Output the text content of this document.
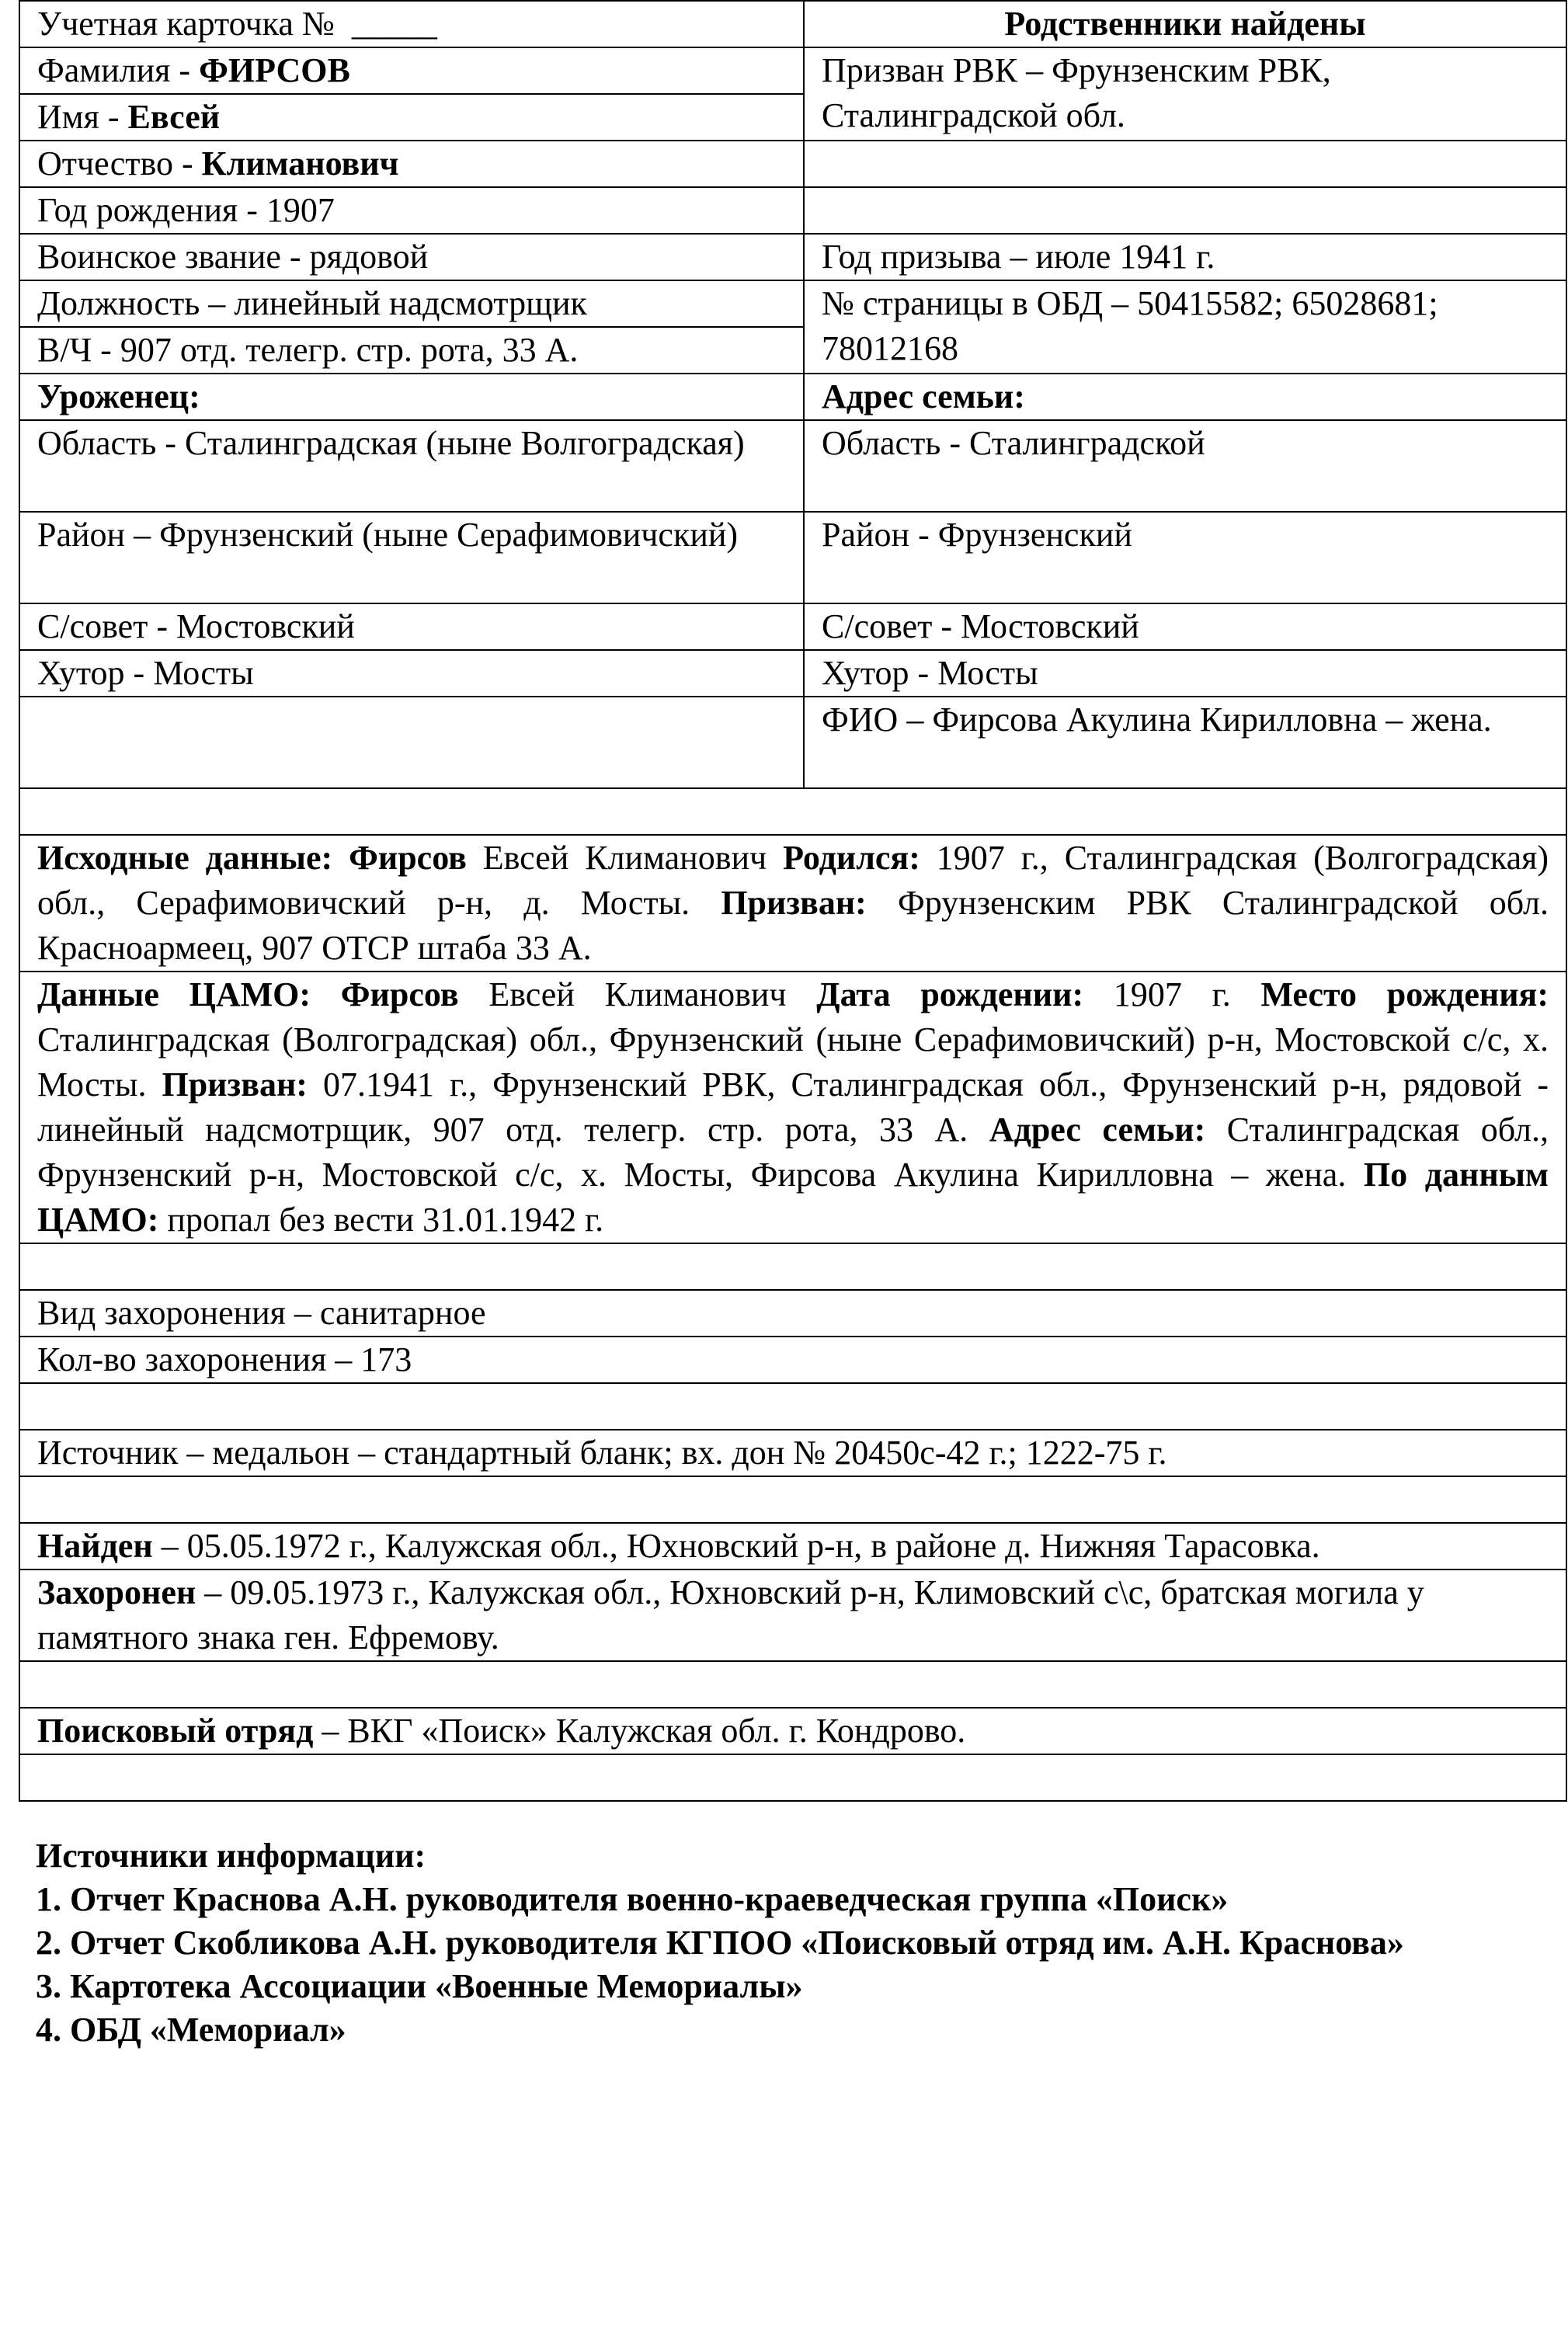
Учетная карточка № _____	Родственники найдены
Фамилия - ФИРСОВ	Призван РВК – Фрунзенским РВК, Сталинградской обл.
Имя - Евсей	
Отчество - Климанович	
Год рождения - 1907	
Воинское звание - рядовой	Год призыва – июле 1941 г.
Должность – линейный надсмотрщик	№ страницы в ОБД – 50415582; 65028681; 78012168
В/Ч - 907 отд. телегр. стр. рота, 33 А.	
Уроженец:	Адрес семьи:
Область - Сталинградская (ныне Волгоградская)	Область - Сталинградской
Район – Фрунзенский (ныне Серафимовичский)	Район - Фрунзенский
С/совет - Мостовский	С/совет - Мостовский
Хутор - Мосты	Хутор - Мосты
	ФИО – Фирсова Акулина Кирилловна – жена.

Исходные данные: Фирсов Евсей Климанович Родился: 1907 г., Сталинградская (Волгоградская) обл., Серафимовичский р-н, д. Мосты. Призван: Фрунзенским РВК Сталинградской обл. Красноармеец, 907 ОТСР штаба 33 А.	
Данные ЦАМО: Фирсов Евсей Климанович Дата рождении: 1907 г. Место рождения: Сталинградская (Волгоградская) обл., Фрунзенский (ныне Серафимовичский) р-н, Мостовской с/с, х. Мосты. Призван: 07.1941 г., Фрунзенский РВК, Сталинградская обл., Фрунзенский р-н, рядовой - линейный надсмотрщик, 907 отд. телегр. стр. рота, 33 А. Адрес семьи: Сталинградская обл., Фрунзенский р-н, Мостовской с/с, х. Мосты, Фирсова Акулина Кирилловна – жена. По данным ЦАМО: пропал без вести 31.01.1942 г.	

Вид захоронения – санитарное	
Кол-во захоронения – 173	

Источник – медальон – стандартный бланк; вх. дон № 20450с-42 г.; 1222-75 г.	

Найден – 05.05.1972 г., Калужская обл., Юхновский р-н, в районе д. Нижняя Тарасовка.	
Захоронен – 09.05.1973 г., Калужская обл., Юхновский р-н, Климовский с\с, братская могила у памятного знака ген. Ефремову.	

Поисковый отряд – ВКГ «Поиск» Калужская обл. г. Кондрово.	

Источники информации:
1. Отчет Краснова А.Н. руководителя военно-краеведческая группа «Поиск»
2. Отчет Скобликова А.Н. руководителя КГПОО «Поисковый отряд им. А.Н. Краснова»
3. Картотека Ассоциации «Военные Мемориалы»
4. ОБД «Мемориал»
